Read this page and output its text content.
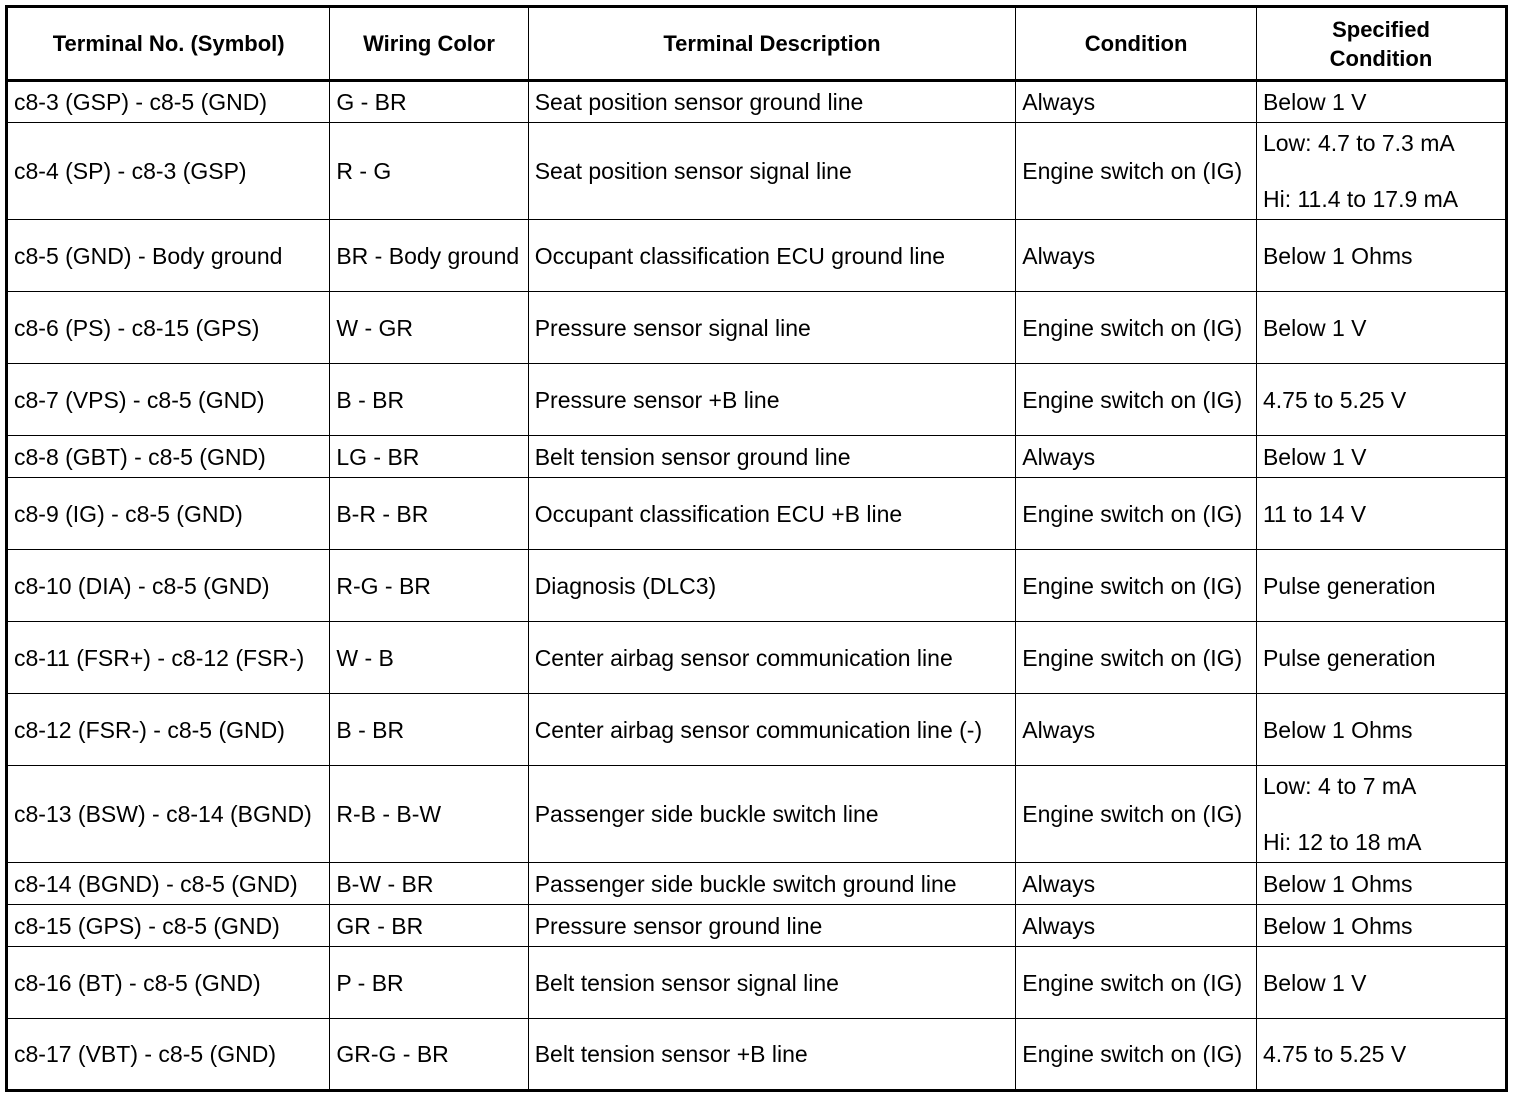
Terminal No. (Symbol)	Wiring Color	Terminal Description	Condition	Specified
Condition

c8-3 (GSP) - c8-5 (GND)	G - BR	Seat position sensor ground line	Always	Below 1 V
c8-4 (SP) - c8-3 (GSP)	R - G	Seat position sensor signal line	Engine switch on (IG)	Low: 4.7 to 7.3 mA
Hi: 11.4 to 17.9 mA

c8-5 (GND) - Body ground	BR - Body ground	Occupant classification ECU ground line	Always	Below 1 Ohms
c8-6 (PS) - c8-15 (GPS)	W - GR	Pressure sensor signal line	Engine switch on (IG)	Below 1 V
c8-7 (VPS) - c8-5 (GND)	B - BR	Pressure sensor +B line	Engine switch on (IG)	4.75 to 5.25 V
c8-8 (GBT) - c8-5 (GND)	LG - BR	Belt tension sensor ground line	Always	Below 1 V
c8-9 (IG) - c8-5 (GND)	B-R - BR	Occupant classification ECU +B line	Engine switch on (IG)	11 to 14 V
c8-10 (DIA) - c8-5 (GND)	R-G - BR	Diagnosis (DLC3)	Engine switch on (IG)	Pulse generation
c8-11 (FSR+) - c8-12 (FSR-)	W - B	Center airbag sensor communication line	Engine switch on (IG)	Pulse generation
c8-12 (FSR-) - c8-5 (GND)	B - BR	Center airbag sensor communication line (-)	Always	Below 1 Ohms
c8-13 (BSW) - c8-14 (BGND)	R-B - B-W	Passenger side buckle switch line	Engine switch on (IG)	Low: 4 to 7 mA
Hi: 12 to 18 mA

c8-14 (BGND) - c8-5 (GND)	B-W - BR	Passenger side buckle switch ground line	Always	Below 1 Ohms
c8-15 (GPS) - c8-5 (GND)	GR - BR	Pressure sensor ground line	Always	Below 1 Ohms
c8-16 (BT) - c8-5 (GND)	P - BR	Belt tension sensor signal line	Engine switch on (IG)	Below 1 V
c8-17 (VBT) - c8-5 (GND)	GR-G - BR	Belt tension sensor +B line	Engine switch on (IG)	4.75 to 5.25 V
